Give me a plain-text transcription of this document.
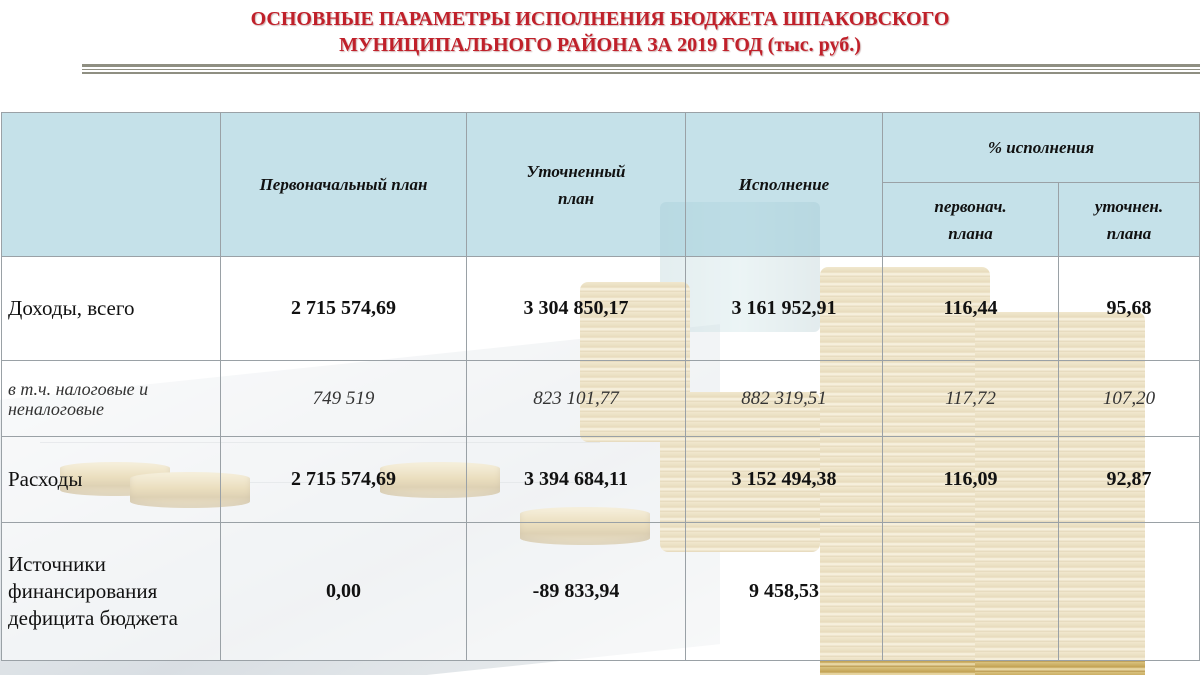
ОСНОВНЫЕ ПАРАМЕТРЫ ИСПОЛНЕНИЯ БЮДЖЕТА ШПАКОВСКОГО
МУНИЦИПАЛЬНОГО РАЙОНА ЗА 2019 ГОД (тыс. руб.)
	Первоначальный план	Уточненный план	Исполнение	% исполнения	
				первонач. плана	уточнен. плана
Доходы, всего	2 715 574,69	3 304 850,17	3 161 952,91	116,44	95,68
в т.ч. налоговые и неналоговые	749 519	823 101,77	882 319,51	117,72	107,20
Расходы	2 715 574,69	3 394 684,11	3 152 494,38	116,09	92,87
Источники финансирования дефицита бюджета	0,00	-89 833,94	9 458,53		
